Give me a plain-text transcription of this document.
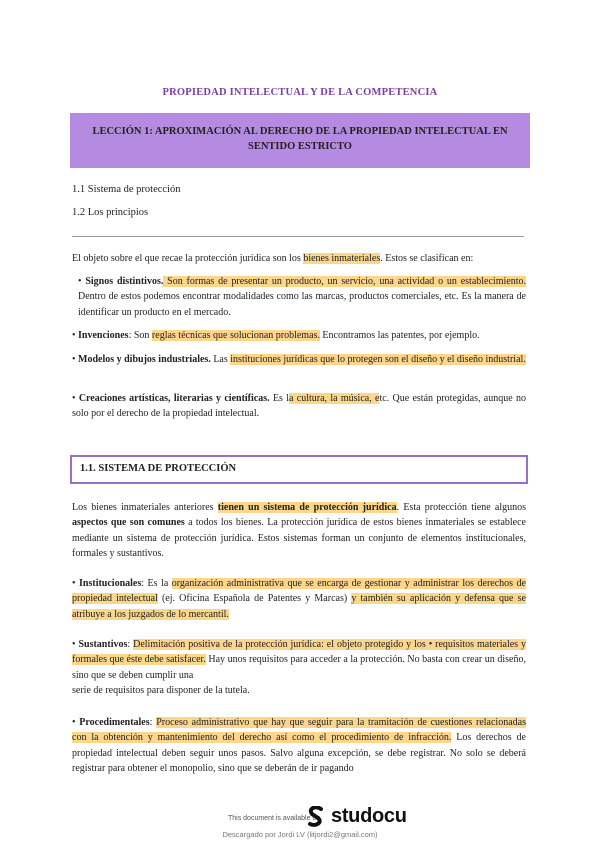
PROPIEDAD INTELECTUAL Y DE LA COMPETENCIA
LECCIÓN 1: APROXIMACIÓN AL DERECHO DE LA PROPIEDAD INTELECTUAL EN SENTIDO ESTRICTO
1.1 Sistema de protección
1.2 Los principios

El objeto sobre el que recae la protección jurídica son los bienes inmateriales. Estos se clasifican en:

• Signos distintivos. Son formas de presentar un producto, un servicio, una actividad o un establecimiento. Dentro de estos podemos encontrar modalidades como las marcas, productos comerciales, etc. Es la manera de identificar un producto en el mercado.

• Invenciones: Son reglas técnicas que solucionan problemas. Encontramos las patentes, por ejemplo.

• Modelos y dibujos industriales. Las instituciones jurídicas que lo protegen son el diseño y el diseño industrial.

• Creaciones artísticas, literarias y científicas. Es la cultura, la música, etc. Que están protegidas, aunque no solo por el derecho de la propiedad intelectual.

1.1. SISTEMA DE PROTECCIÓN

Los bienes inmateriales anteriores tienen un sistema de protección jurídica. Esta protección tiene algunos aspectos que son comunes a todos los bienes. La protección jurídica de estos bienes inmateriales se establece mediante un sistema de protección jurídica. Estos sistemas forman un conjunto de elementos institucionales, formales y sustantivos.

• Institucionales: Es la organización administrativa que se encarga de gestionar y administrar los derechos de propiedad intelectual (ej. Oficina Española de Patentes y Marcas) y también su aplicación y defensa que se atribuye a los juzgados de lo mercantil.

• Sustantivos: Delimitación positiva de la protección jurídica: el objeto protegido y los • requisitos materiales y formales que éste debe satisfacer. Hay unos requisitos para acceder a la protección. No basta con crear un diseño, sino que se deben cumplir una

serie de requisitos para disponer de la tutela.

• Procedimentales: Proceso administrativo que hay que seguir para la tramitación de cuestiones relacionadas con la obtención y mantenimiento del derecho así como el procedimiento de infracción. Los derechos de propiedad intelectual deben seguir unos pasos. Salvo alguna excepción, se debe registrar. No solo se deberá registrar para obtener el monopolio, sino que se deberán de ir pagando

This document is available on studocu
Descargado por Jordi LV (litjordi2@gmail.com)
